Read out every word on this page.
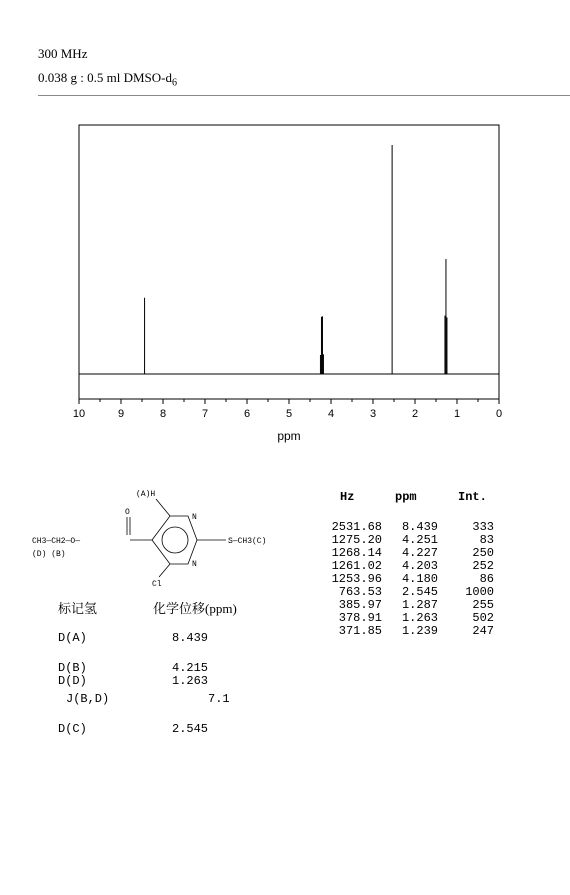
300 MHz
0.038 g : 0.5 ml DMSO-$d_6$
10	9	8	7	6	5	4	3	2	1	0
ppm
(A)H
O
N
N
CH3—CH2—O—
(D) (B)
S—CH3(C)
Cl
Hz	ppm	Int.
2531.68	8.439	333
1275.20	4.251	83
1268.14	4.227	250
1261.02	4.203	252
1253.96	4.180	86
763.53	2.545	1000
385.97	1.287	255
378.91	1.263	502
371.85	1.239	247
标记氢	化学位移(ppm)
D(A)	8.439
D(B)	4.215
D(D)	1.263
J(B,D)	7.1
D(C)	2.545
